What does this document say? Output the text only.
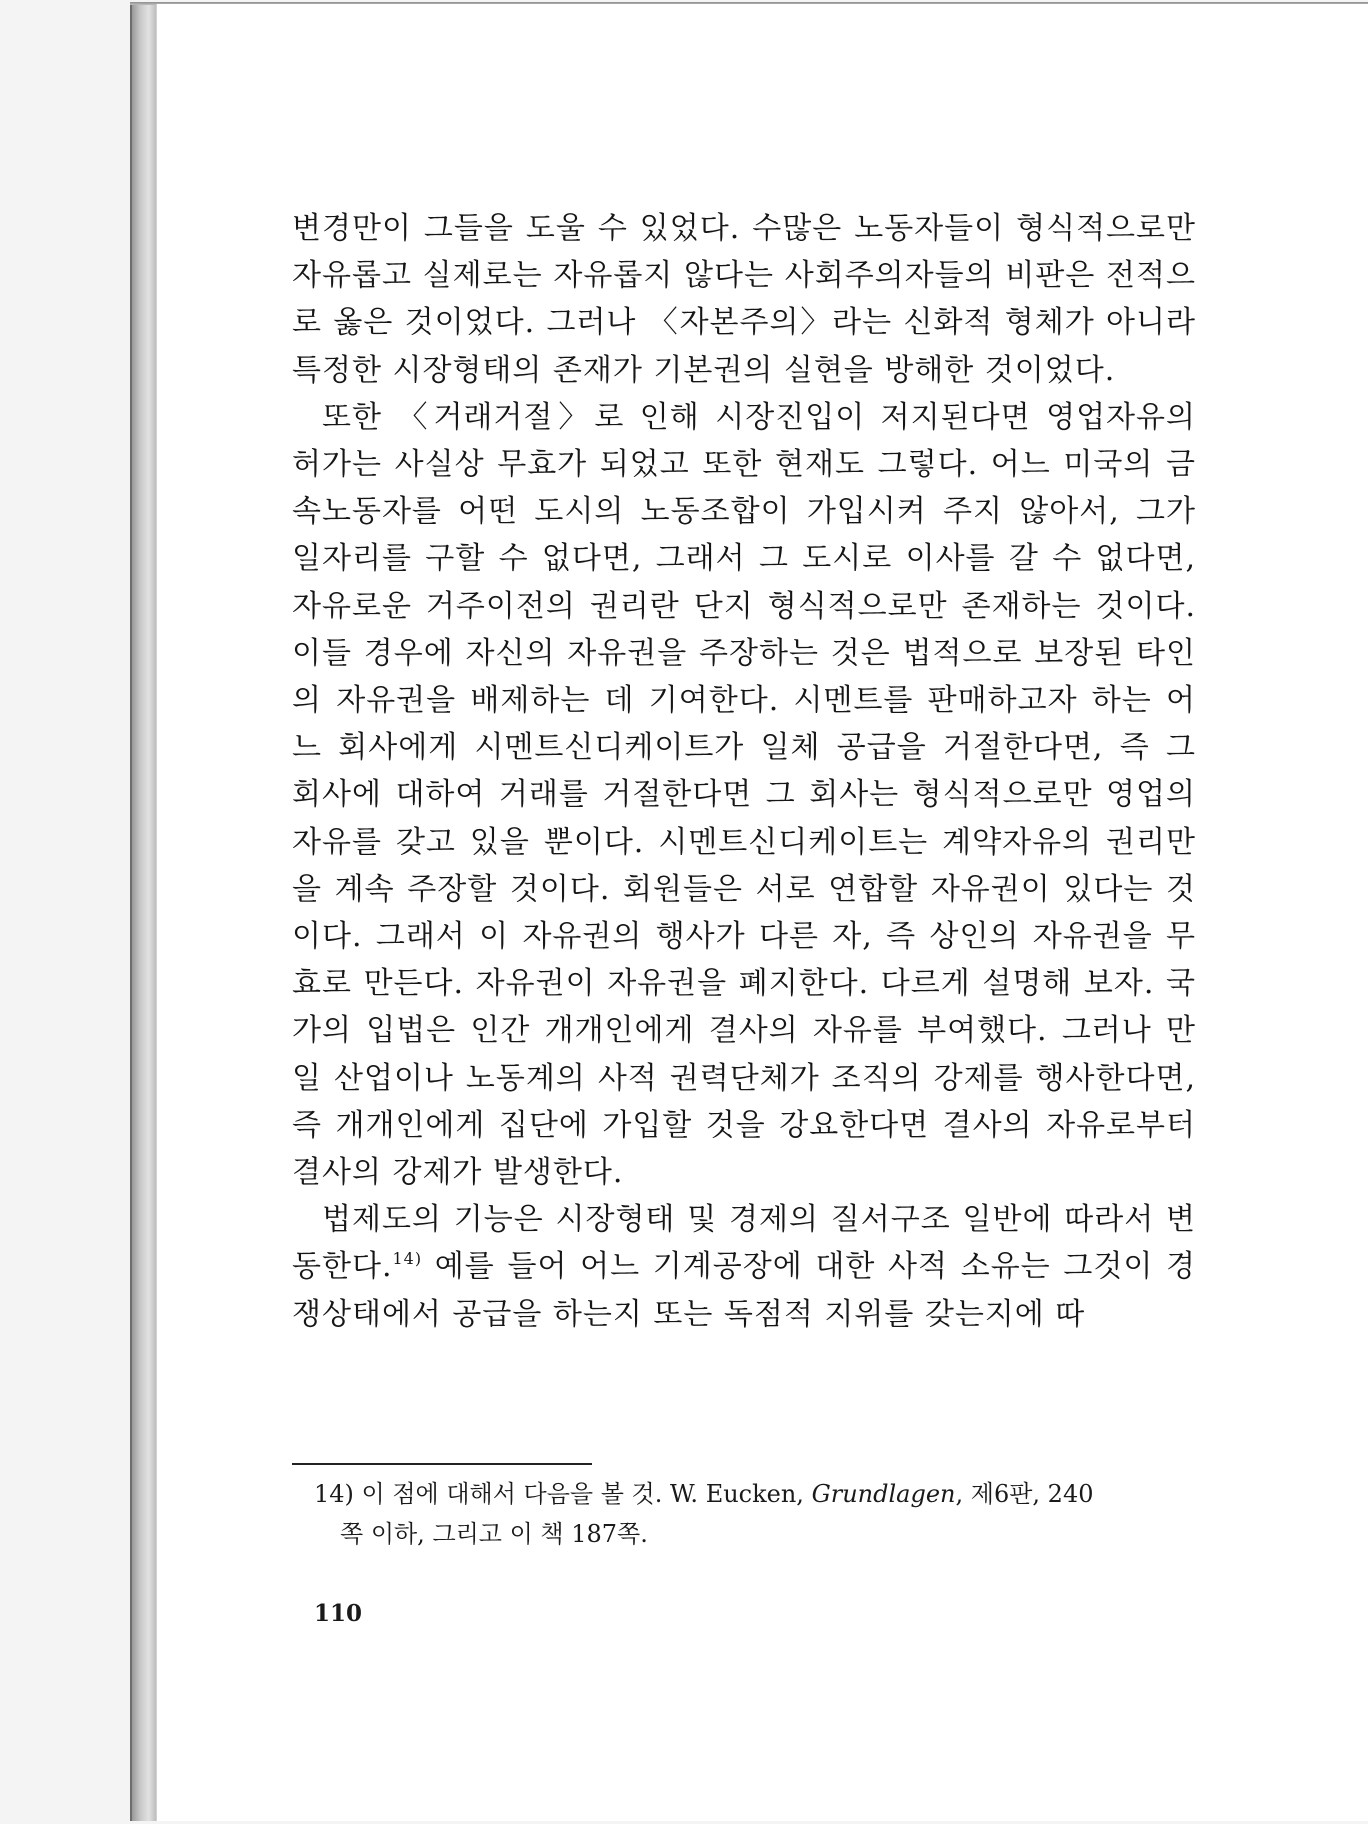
변경만이 그들을 도울 수 있었다. 수많은 노동자들이 형식적으로만 자유롭고 실제로는 자유롭지 않다는 사회주의자들의 비판은 전적으로 옳은 것이었다. 그러나 〈자본주의〉라는 신화적 형체가 아니라 특정한 시장형태의 존재가 기본권의 실현을 방해한 것이었다.

또한 〈거래거절〉로 인해 시장진입이 저지된다면 영업자유의 허가는 사실상 무효가 되었고 또한 현재도 그렇다. 어느 미국의 금속노동자를 어떤 도시의 노동조합이 가입시켜 주지 않아서, 그가 일자리를 구할 수 없다면, 그래서 그 도시로 이사를 갈 수 없다면, 자유로운 거주이전의 권리란 단지 형식적으로만 존재하는 것이다. 이들 경우에 자신의 자유권을 주장하는 것은 법적으로 보장된 타인의 자유권을 배제하는 데 기여한다. 시멘트를 판매하고자 하는 어느 회사에게 시멘트신디케이트가 일체 공급을 거절한다면, 즉 그 회사에 대하여 거래를 거절한다면 그 회사는 형식적으로만 영업의 자유를 갖고 있을 뿐이다. 시멘트신디케이트는 계약자유의 권리만을 계속 주장할 것이다. 회원들은 서로 연합할 자유권이 있다는 것이다. 그래서 이 자유권의 행사가 다른 자, 즉 상인의 자유권을 무효로 만든다. 자유권이 자유권을 폐지한다. 다르게 설명해 보자. 국가의 입법은 인간 개개인에게 결사의 자유를 부여했다. 그러나 만일 산업이나 노동계의 사적 권력단체가 조직의 강제를 행사한다면, 즉 개개인에게 집단에 가입할 것을 강요한다면 결사의 자유로부터 결사의 강제가 발생한다.

법제도의 기능은 시장형태 및 경제의 질서구조 일반에 따라서 변동한다.$^{14)}$ 예를 들어 어느 기계공장에 대한 사적 소유는 그것이 경쟁상태에서 공급을 하는지 또는 독점적 지위를 갖는지에 따

14) 이 점에 대해서 다음을 볼 것. W. Eucken, Grundlagen, 제6판, 240
쪽 이하, 그리고 이 책 187쪽.
110
